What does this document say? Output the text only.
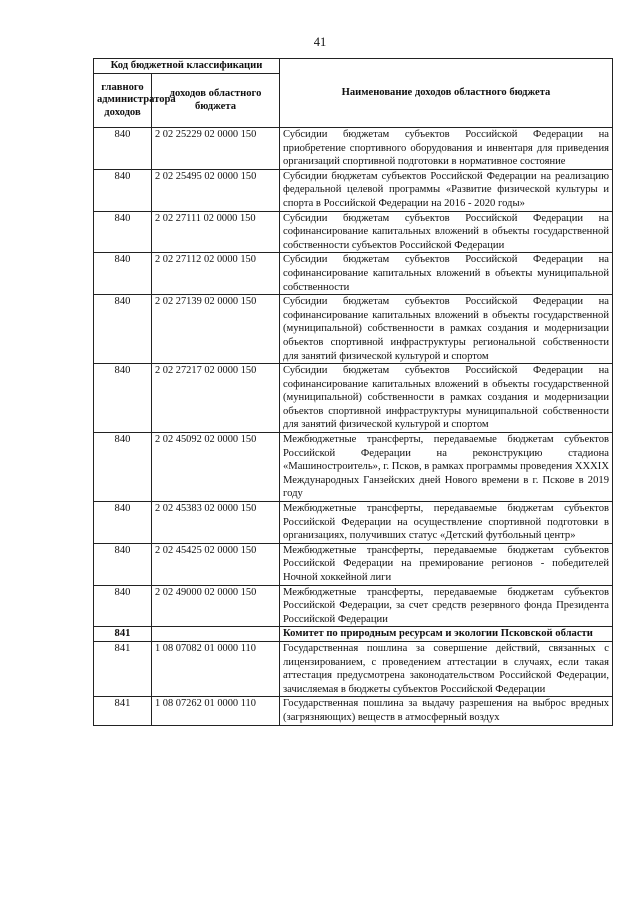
41
Код бюджетной классификации		Наименование доходов областного бюджета
главного администратора доходов	доходов областного бюджета	
840	2 02 25229 02 0000 150	Субсидии бюджетам субъектов Российской Федерации на приобретение спортивного оборудования и инвентаря для приведения организаций спортивной подготовки в нормативное состояние
840	2 02 25495 02 0000 150	Субсидии бюджетам субъектов Российской Федерации на реализацию федеральной целевой программы «Развитие физической культуры и спорта в Российской Федерации на 2016 - 2020 годы»
840	2 02 27111 02 0000 150	Субсидии бюджетам субъектов Российской Федерации на софинансирование капитальных вложений в объекты государственной собственности субъектов Российской Федерации
840	2 02 27112 02 0000 150	Субсидии бюджетам субъектов Российской Федерации на софинансирование капитальных вложений в объекты муниципальной собственности
840	2 02 27139 02 0000 150	Субсидии бюджетам субъектов Российской Федерации на софинансирование капитальных вложений в объекты государственной (муниципальной) собственности в рамках создания и модернизации объектов спортивной инфраструктуры региональной собственности для занятий физической культурой и спортом
840	2 02 27217 02 0000 150	Субсидии бюджетам субъектов Российской Федерации на софинансирование капитальных вложений в объекты государственной (муниципальной) собственности в рамках создания и модернизации объектов спортивной инфраструктуры муниципальной собственности для занятий физической культурой и спортом
840	2 02 45092 02 0000 150	Межбюджетные трансферты, передаваемые бюджетам субъектов Российской Федерации на реконструкцию стадиона «Машиностроитель», г. Псков, в рамках программы проведения XXXIX Международных Ганзейских дней Нового времени в г. Пскове в 2019 году
840	2 02 45383 02 0000 150	Межбюджетные трансферты, передаваемые бюджетам субъектов Российской Федерации на осуществление спортивной подготовки в организациях, получивших статус «Детский футбольный центр»
840	2 02 45425 02 0000 150	Межбюджетные трансферты, передаваемые бюджетам субъектов Российской Федерации на премирование регионов - победителей Ночной хоккейной лиги
840	2 02 49000 02 0000 150	Межбюджетные трансферты, передаваемые бюджетам субъектов Российской Федерации, за счет средств резервного фонда Президента Российской Федерации
841		Комитет по природным ресурсам и экологии Псковской области
841	1 08 07082 01 0000 110	Государственная пошлина за совершение действий, связанных с лицензированием, с проведением аттестации в случаях, если такая аттестация предусмотрена законодательством Российской Федерации, зачисляемая в бюджеты субъектов Российской Федерации
841	1 08 07262 01 0000 110	Государственная пошлина за выдачу разрешения на выброс вредных (загрязняющих) веществ в атмосферный воздух
